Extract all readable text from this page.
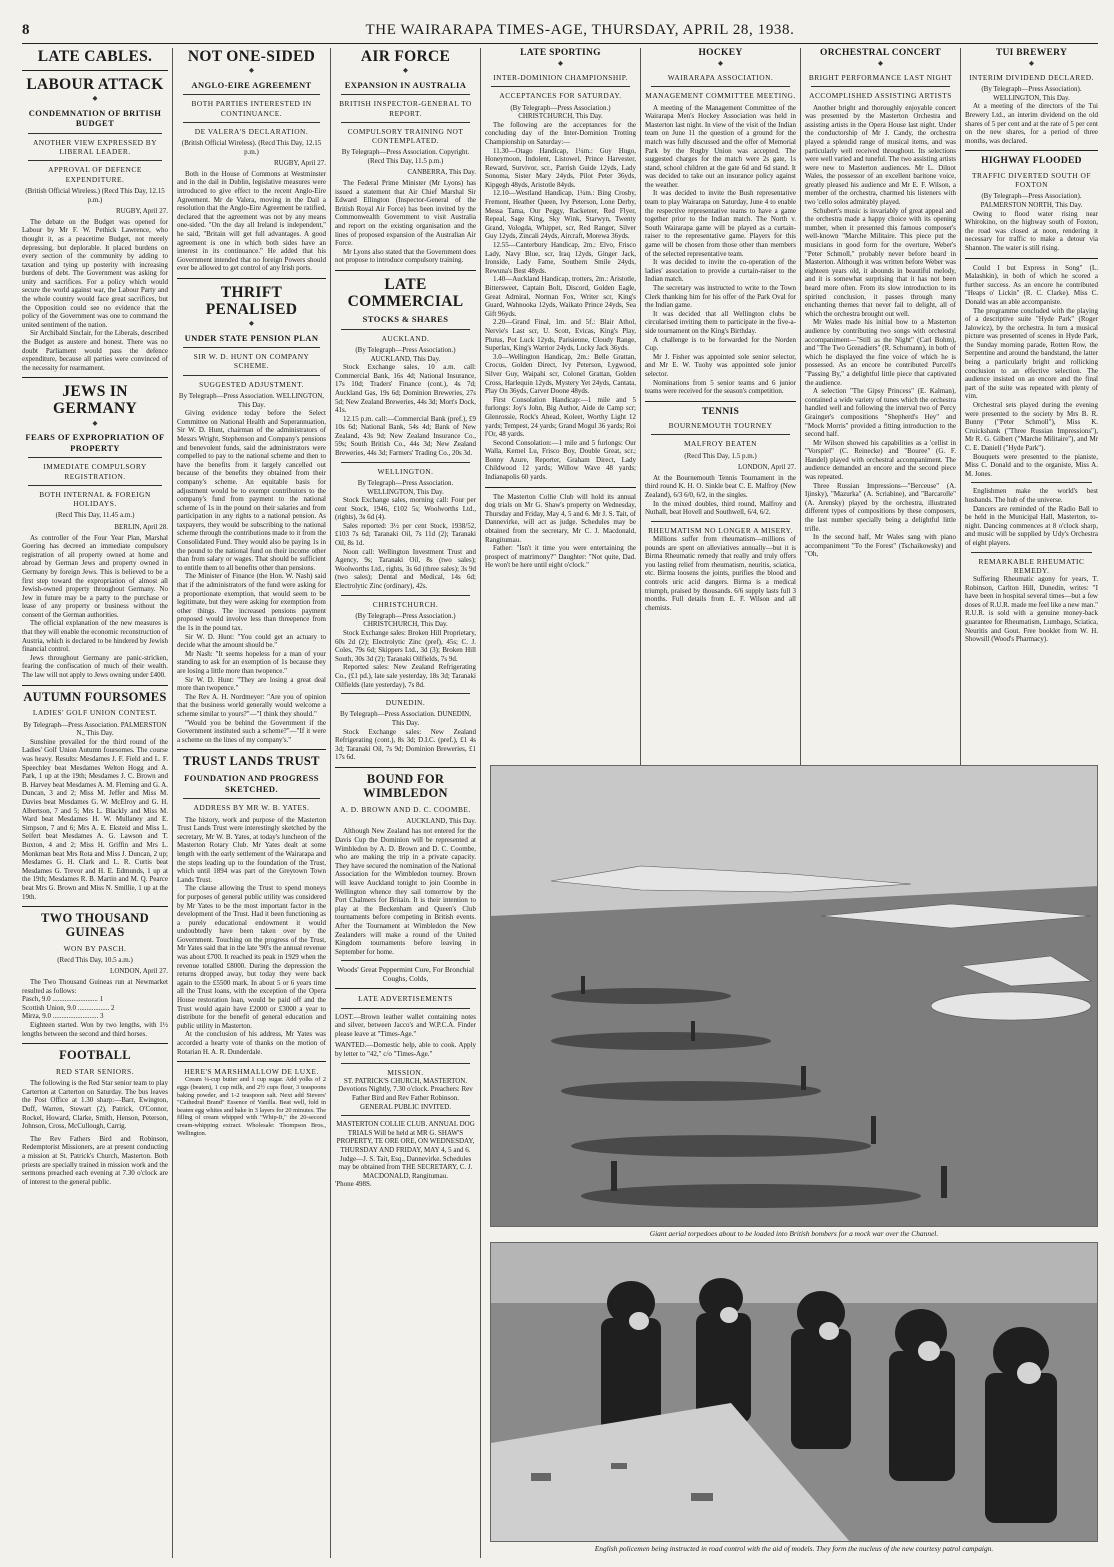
8	THE WAIRARAPA TIMES-AGE, THURSDAY, APRIL 28, 1938.
LATE CABLES.
LABOUR ATTACK
◆
CONDEMNATION OF BRITISH BUDGET
ANOTHER VIEW EXPRESSED BY LIBERAL LEADER.
APPROVAL OF DEFENCE EXPENDITURE.
(British Official Wireless.) (Recd This Day, 12.15 p.m.)
RUGBY, April 27.

The debate on the Budget was opened for Labour by Mr F. W. Pethick Lawrence, who thought it, as a peacetime Budget, not merely depressing, but deplorable. It placed burdens on every section of the community by adding to taxation and tying up posterity with increasing burdens of debt. The Government was asking for unity and sacrifices. For a policy which would secure the world against war, the Labour Party and the whole country would face great sacrifices, but the Opposition could see no evidence that the policy of the Government was one to command the united sentiment of the nation.

Sir Archibald Sinclair, for the Liberals, described the Budget as austere and honest. There was no doubt Parliament would pass the defence expenditure, because all parties were convinced of the necessity for rearmament.

JEWS IN GERMANY
◆
FEARS OF EXPROPRIATION OF PROPERTY
IMMEDIATE COMPULSORY REGISTRATION.
BOTH INTERNAL & FOREIGN HOLIDAYS.
(Recd This Day, 11.45 a.m.)
BERLIN, April 28.

As controller of the Four Year Plan, Marshal Goering has decreed an immediate compulsory registration of all property owned at home and abroad by German Jews and property owned in Germany by foreign Jews. This is believed to be a first step toward the expropriation of almost all Jewish-owned property throughout Germany. No Jew in future may be a party to the purchase or lease of any property or business without the consent of the German authorities.

The official explanation of the new measures is that they will enable the economic reconstruction of Austria, which is declared to be hindered by Jewish financial control.

Jews throughout Germany are panic-stricken, fearing the confiscation of much of their wealth. The law will not apply to Jews owning under £400.

AUTUMN FOURSOMES
LADIES' GOLF UNION CONTEST.
By Telegraph—Press Association. PALMERSTON N., This Day.

Sunshine prevailed for the third round of the Ladies' Golf Union Autumn foursomes. The course was heavy. Results: Mesdames J. F. Field and L. F. Speechley beat Mesdames Welton Hogg and A. Park, 1 up at the 19th; Mesdames J. C. Brown and B. Harvey beat Mesdames A. M. Fleming and G. A. Duncan, 3 and 2; Miss M. Jeffer and Miss M. Davies beat Mesdames G. W. McElroy and G. H. Albertson, 7 and 5; Mrs L. Blackly and Miss M. Ward beat Mesdames H. W. Mullaney and E. Simpson, 7 and 6; Mrs A. E. Eksteid and Miss L. Seifert beat Mesdames A. G. Lawson and T. Buxton, 4 and 2; Miss H. Griffin and Mrs L. Monkman beat Mrs Rota and Miss J. Duncan, 2 up; Mesdames G. H. Clark and L. R. Curtis beat Mesdames G. Trevor and H. E. Edmunds, 1 up at the 19th; Mesdames R. B. Martin and M. Q. Pearce beat Mrs G. Brown and Miss N. Smillie, 1 up at the 19th.

TWO THOUSAND GUINEAS
WON BY PASCH.
(Recd This Day, 10.5 a.m.)
LONDON, April 27.

The Two Thousand Guineas run at Newmarket resulted as follows:

Pasch, 9.0 .......................... 1
Scottish Union, 9.0 .................. 2
Mirza, 9.0 .......................... 3

Eighteen started. Won by two lengths, with 1½ lengths between the second and third horses.

FOOTBALL
RED STAR SENIORS.

The following is the Red Star senior team to play Carterton at Carterton on Saturday. The bus leaves the Post Office at 1.30 sharp:—Barr, Ewington, Duff, Warren, Stewart (2), Patrick, O'Connor, Rockel, Howard, Clarke, Smith, Henson, Peterson, Johnson, Cross, McCullough, Carrig.

The Rev Fathers Bird and Robinson, Redemptorist Missioners, are at present conducting a mission at St. Patrick's Church, Masterton. Both priests are specially trained in mission work and the sermons preached each evening at 7.30 o'clock are of interest to the general public.

NOT ONE-SIDED
◆
ANGLO-EIRE AGREEMENT
BOTH PARTIES INTERESTED IN CONTINUANCE.
DE VALERA'S DECLARATION.
(British Official Wireless). (Recd This Day, 12.15 p.m.)
RUGBY, April 27.

Both in the House of Commons at Westminster and in the dail in Dublin, legislative measures were introduced to give effect to the recent Anglo-Eire Agreement. Mr de Valera, moving in the Dail a resolution that the Anglo-Eire Agreement be ratified, declared that the agreement was not by any means one-sided. "On the day all Ireland is independent," he said, "Britain will get full advantages. A good agreement is one in which both sides have an interest in its continuance." He added that his Government intended that no foreign Powers should ever be allowed to get control of any Irish ports.

THRIFT PENALISED
◆
UNDER STATE PENSION PLAN
SIR W. D. HUNT ON COMPANY SCHEME.
SUGGESTED ADJUSTMENT.
By Telegraph—Press Association. WELLINGTON, This Day.

Giving evidence today before the Select Committee on National Health and Superannuation, Sir W. D. Hunt, chairman of the administrators of Messrs Wright, Stephenson and Company's pensions and benevolent funds, said the administrators were compelled to pay to the national scheme and then to have the benefits from it largely cancelled out because of the benefits they obtained from their company's scheme. An equitable basis for adjustment would be to exempt contributors to the company's fund from payment to the national scheme of 1s in the pound on their salaries and from participation in any rights to a national pension. As taxpayers, they would be subscribing to the national scheme through the contributions made to it from the Consolidated Fund. They would also be paying 1s in the pound to the national fund on their income other than from salary or wages. That should be sufficient to entitle them to all benefits other than pensions.

The Minister of Finance (the Hon. W. Nash) said that if the administrators of the fund were asking for a proportionate exemption, that would seem to be legitimate, but they were asking for exemption from other things. The increased pensions payment proposed would involve less than threepence from the 1s in the pound tax.

Sir W. D. Hunt: "You could get an actuary to decide what the amount should be."

Mr Nash: "It seems hopeless for a man of your standing to ask for an exemption of 1s because they are losing a little more than twopence."

Sir W. D. Hunt: "They are losing a great deal more than twopence."

The Rev A. H. Nordmeyer: "Are you of opinion that the business world generally would welcome a scheme similar to yours?"—"I think they should."

"Would you be behind the Government if the Government instituted such a scheme?"—"If it were a scheme on the lines of my company's."

TRUST LANDS TRUST
FOUNDATION AND PROGRESS SKETCHED.
ADDRESS BY MR W. B. YATES.

The history, work and purpose of the Masterton Trust Lands Trust were interestingly sketched by the secretary, Mr W. B. Yates, at today's luncheon of the Masterton Rotary Club. Mr Yates dealt at some length with the early settlement of the Wairarapa and the steps leading up to the foundation of the Trust, which until 1894 was part of the Greytown Town Lands Trust.

The clause allowing the Trust to spend moneys for purposes of general public utility was considered by Mr Yates to be the most important factor in the development of the Trust. Had it been functioning as a purely educational endowment it would undoubtedly have been taken over by the Government. Touching on the progress of the Trust, Mr Yates said that in the late '90's the annual revenue was about £700. It reached its peak in 1929 when the revenue totalled £8000. During the depression the returns dropped away, but today they were back again to the £5500 mark. In about 5 or 6 years time all the Trust loans, with the exception of the Opera House restoration loan, would be paid off and the Trust would again have £2000 or £3000 a year to distribute for the benefit of general education and public utility in Masterton.

At the conclusion of his address, Mr Yates was accorded a hearty vote of thanks on the motion of Rotarian H. A. R. Dunderdale.

HERE'S MARSHMALLOW DE LUXE.

Cream ¼-cup butter and 1 cup sugar. Add yolks of 2 eggs (beaten), 1 cup milk, and 2½ cups flour, 3 teaspoons baking powder, and 1-2 teaspoon salt. Next add Sievers' "Cathedral Brand" Essence of Vanilla. Beat well, fold in beaten egg whites and bake in 3 layers for 20 minutes. The filling of cream whipped with "Whip-It," the 20-second cream-whipping extract. Wholesale: Thompson Bros., Wellington.

AIR FORCE
◆
EXPANSION IN AUSTRALIA
BRITISH INSPECTOR-GENERAL TO REPORT.
COMPULSORY TRAINING NOT CONTEMPLATED.
By Telegraph—Press Association. Copyright. (Recd This Day, 11.5 p.m.)
CANBERRA, This Day.

The Federal Prime Minister (Mr Lyons) has issued a statement that Air Chief Marshal Sir Edward Ellington (Inspector-General of the British Royal Air Force) has been invited by the Commonwealth Government to visit Australia and report on the existing organisation and the lines of proposed expansion of the Australian Air Force.

Mr Lyons also stated that the Government does not propose to introduce compulsory training.

LATE COMMERCIAL
STOCKS & SHARES
AUCKLAND.
(By Telegraph—Press Association.) AUCKLAND, This Day.

Stock Exchange sales, 10 a.m. call: Commercial Bank, 16s 4d; National Insurance, 17s 10d; Traders' Finance (cont.), 4s 7d; Auckland Gas, 19s 6d; Dominion Breweries, 27s 5d; New Zealand Breweries, 44s 3d; Mort's Dock, 41s.

12.15 p.m. call:—Commercial Bank (pref.), £9 10s 6d; National Bank, 54s 4d; Bank of New Zealand, 43s 9d; New Zealand Insurance Co., 59s; South British Co., 44s 3d; New Zealand Breweries, 44s 3d; Farmers' Trading Co., 20s 3d.

WELLINGTON.
By Telegraph—Press Association. WELLINGTON, This Day.

Stock Exchange sales, morning call: Four per cent Stock, 1946, £102 5s; Woolworths Ltd., (rights), 3s 6d (4).

Sales reported: 3½ per cent Stock, 1938/52, £103 7s 6d; Taranaki Oil, 7s 11d (2); Taranaki Oil, 8s 1d.

Noon call: Wellington Investment Trust and Agency, 9s; Taranaki Oil, 8s (two sales); Woolworths Ltd., rights, 3s 6d (three sales); 3s 9d (two sales); Dental and Medical, 14s 6d; Electrolytic Zinc (ordinary), 42s.

CHRISTCHURCH.
(By Telegraph—Press Association.) CHRISTCHURCH, This Day.

Stock Exchange sales: Broken Hill Proprietary, 60s 2d (2); Electrolytic Zinc (pref), 45s; C. J. Coles, 79s 6d; Skippers Ltd., 3d (3); Broken Hill South, 30s 3d (2); Taranaki Oilfields, 7s 9d.

Reported sales: New Zealand Refrigerating Co., (£1 pd.), late sale yesterday, 18s 3d; Taranaki Oilfields (late yesterday), 7s 8d.

DUNEDIN.
By Telegraph—Press Association. DUNEDIN, This Day.

Stock Exchange sales: New Zealand Refrigerating (cont.), 8s 3d; D.I.C. (pref.), £1 4s 3d; Taranaki Oil, 7s 9d; Dominion Breweries, £1 17s 6d.

BOUND FOR WIMBLEDON
A. D. BROWN AND D. C. COOMBE.
AUCKLAND, This Day.

Although New Zealand has not entered for the Davis Cup the Dominion will be represented at Wimbledon by A. D. Brown and D. C. Coombe, who are making the trip in a private capacity. They have secured the nomination of the National Association for the Wimbledon tourney. Brown will leave Auckland tonight to join Coombe in Wellington whence they sail tomorrow by the Port Chalmers for Britain. It is their intention to play at the Beckenham and Queen's Club tournaments before competing in British events. After the Tournament at Wimbledon the New Zealanders will make a round of the United Kingdom tournaments before leaving in September for home.

Woods' Great Peppermint Cure, For Bronchial Coughs, Colds,

LATE ADVERTISEMENTS

LOST.—Brown leather wallet containing notes and silver, between Jacco's and W.P.C.A. Finder please leave at "Times-Age."

WANTED.—Domestic help, able to cook. Apply by letter to "42," c/o "Times-Age."

MISSION.

ST. PATRICK'S CHURCH, MASTERTON.

Devotions Nightly, 7.30 o'clock. Preachers: Rev Father Bird and Rev Father Robinson. GENERAL PUBLIC INVITED.

MASTERTON COLLIE CLUB. ANNUAL DOG TRIALS Will be held at MR G. SHAW'S PROPERTY, TE ORE ORE, ON WEDNESDAY, THURSDAY AND FRIDAY, MAY 4, 5 and 6. Judge—J. S. Tait, Esq., Dannevirke. Schedules may be obtained from THE SECRETARY, C. J. MACDONALD, Rangitumau.

'Phone 498S.

LATE SPORTING
◆
INTER-DOMINION CHAMPIONSHIP.
ACCEPTANCES FOR SATURDAY.
(By Telegraph—Press Association.) CHRISTCHURCH, This Day.

The following are the acceptances for the concluding day of the Inter-Dominion Trotting Championship on Saturday:—

11.30—Otago Handicap, 1¼m.: Guy Hugo, Honeymoon, Indolent, Listowel, Prince Harvester, Reward, Survivor, scr., Parrish Guide 12yds, Lady Sonoma, Sister Mary 24yds, Pilot Peter 36yds, Kipgegh 48yds, Aristotle 84yds.

12.10—Westland Handicap, 1¼m.: Bing Crosby, Fremont, Heather Queen, Ivy Peterson, Lone Derby, Messa Tama, Our Peggy, Racketeer, Red Flyer, Repeal, Sage King, Sky Wink, Starwyn, Twenty Grand, Vologda, Whippet, scr, Red Ranger, Silver Guy 12yds, Zincali 24yds, Aircraft, Morewa 36yds.

12.55—Canterbury Handicap, 2m.: Elvo, Frisco Lady, Navy Blue, scr, Iraq 12yds, Ginger Jack, Ironside, Lady Fame, Southern Smile 24yds, Rewuna's Best 48yds.

1.40—Auckland Handicap, trotters, 2m.: Aristotle, Bittersweet, Captain Bolt, Discord, Golden Eagle, Great Admiral, Norman Fox, Writer scr, King's Guard, Wahnooka 12yds, Waikato Prince 24yds, Sea Gift 96yds.

2.20—Grand Final, 1m. and 5f.: Blair Athol, Nervie's Last scr, U. Scott, Evicas, King's Play, Plutus, Pot Luck 12yds, Parisienne, Cloudy Range, Superlax, King's Warrior 24yds, Lucky Jack 36yds.

3.0—Wellington Handicap, 2m.: Belle Grattan, Crocus, Golden Direct, Ivy Peterson, Lygwood, Silver Guy, Waipahi scr, Colonel Grattan, Golden Cross, Harlequin 12yds, Mystery Yet 24yds, Cantata, Play On 36yds, Carver Doone 48yds.

First Consolation Handicap:—1 mile and 5 furlongs: Joy's John, Big Author, Aide de Camp scr; Glenrossie, Rock's Ahead, Koleet, Worthy Light 12 yards; Tempest, 24 yards; Grand Mogul 36 yards; Roi l'Or, 48 yards.

Second Consolation:—1 mile and 5 furlongs: Our Walla, Kernel Lu, Frisco Boy, Double Great, scr.; Bonny Azure, Reporter, Graham Direct, Lady Childwood 12 yards; Willow Wave 48 yards; Indianapolis 60 yards.

The Masterton Collie Club will hold its annual dog trials on Mr G. Shaw's property on Wednesday, Thursday and Friday, May 4, 5 and 6. Mr J. S. Tait, of Dannevirke, will act as judge. Schedules may be obtained from the secretary, Mr C. J. Macdonald, Rangitumau.

Father: "Isn't it time you were entertaining the prospect of matrimony?" Daughter: "Not quite, Dad. He won't be here until eight o'clock."

HOCKEY
◆
WAIRARAPA ASSOCIATION.
MANAGEMENT COMMITTEE MEETING.

A meeting of the Management Committee of the Wairarapa Men's Hockey Association was held in Masterton last night. In view of the visit of the Indian team on June 11 the question of a ground for the match was fully discussed and the offer of Memorial Park by the Rugby Union was accepted. The suggested charges for the match were 2s gate, 1s stand, school children at the gate 6d and 6d stand. It was decided to take out an insurance policy against the weather.

It was decided to invite the Bush representative team to play Wairarapa on Saturday, June 4 to enable the respective representative teams to have a game together prior to the Indian match. The North v. South Wairarapa game will be played as a curtain-raiser to the representative game. Players for this game will be chosen from those other than members of the selected representative team.

It was decided to invite the co-operation of the ladies' association to provide a curtain-raiser to the Indian match.

The secretary was instructed to write to the Town Clerk thanking him for his offer of the Park Oval for the Indian game.

It was decided that all Wellington clubs be circularised inviting them to participate in the five-a-side tournament on the King's Birthday.

A challenge is to be forwarded for the Norden Cup.

Mr J. Fisher was appointed sole senior selector, and Mr E. W. Tuohy was appointed sole junior selector.

Nominations from 5 senior teams and 6 junior teams were received for the season's competition.

TENNIS
BOURNEMOUTH TOURNEY
MALFROY BEATEN
(Recd This Day, 1.5 p.m.)
LONDON, April 27.

At the Bournemouth Tennis Tournament in the third round K. H. O. Sinkle beat C. E. Malfroy (New Zealand), 6/3 6/0, 6/2, in the singles.

In the mixed doubles, third round, Malfroy and Nuthall, beat Hovell and Southwell, 6/4, 6/2.

RHEUMATISM NO LONGER A MISERY.

Millions suffer from rheumatism—millions of pounds are spent on alleviatives annually—but it is Birma Rheumatic remedy that really and truly offers you lasting relief from rheumatism, neuritis, sciatica, etc. Birma loosens the joints, purifies the blood and controls uric acid dangers. Birma is a medical triumph, praised by thousands. 6/6 supply lasts full 3 months. Full details from E. F. Wilson and all chemists.

ORCHESTRAL CONCERT
◆
BRIGHT PERFORMANCE LAST NIGHT
ACCOMPLISHED ASSISTING ARTISTS

Another bright and thoroughly enjoyable concert was presented by the Masterton Orchestra and assisting artists in the Opera House last night. Under the conductorship of Mr J. Candy, the orchestra played a splendid range of musical items, and was particularly well received throughout. Its selections were well varied and tuneful. The two assisting artists were new to Masterton audiences. Mr L. Dilnot Wales, the possessor of an excellent baritone voice, greatly pleased his audience and Mr E. F. Wilson, a member of the orchestra, charmed his listeners with two 'cello solos admirably played.

Schubert's music is invariably of great appeal and the orchestra made a happy choice with its opening number, when it presented this famous composer's well-known "Marche Militaire. This piece put the musicians in good form for the overture, Weber's "Peter Schmoll," probably never before heard in Masterton. Although it was written before Weber was eighteen years old, it abounds in beautiful melody, and it is somewhat surprising that it has not been heard more often. From its slow introduction to its spirited conclusion, it passes through many enchanting themes that never fail to delight, all of which the orchestra brought out well.

Mr Wales made his initial bow to a Masterton audience by contributing two songs with orchestral accompaniment—"Still as the Night" (Carl Bohm), and "The Two Grenadiers" (R. Schumann), in both of which he displayed the fine voice of which he is possessed. As an encore he contributed Purcell's "Passing By," a delightful little piece that captivated the audience.

A selection "The Gipsy Princess" (E. Kalman), contained a wide variety of tunes which the orchestra handled well and following the interval two of Percy Grainger's compositions "Shepherd's Hey" and "Mock Morris" provided a fitting introduction to the second half.

Mr Wilson showed his capabilities as a 'cellist in "Vorspiel" (C. Reinecke) and "Bouree" (G. F. Handel) played with orchestral accompaniment. The audience demanded an encore and the second piece was repeated.

Three Russian Impressions—"Berceuse" (A. Ijinsky), "Mazurka" (A. Scriabine), and "Barcarolle" (A. Arensky) played by the orchestra, illustrated different types of compositions by these composers, the last number specially being a delightful little trifle.

In the second half, Mr Wales sang with piano accompaniment "To the Forest" (Tschaikowsky) and "Oh,

TUI BREWERY
◆
INTERIM DIVIDEND DECLARED.
(By Telegraph—Press Association). WELLINGTON, This Day.

At a meeting of the directors of the Tui Brewery Ltd., an interim dividend on the old shares of 5 per cent and at the rate of 5 per cent on the new shares, for a period of three months, was declared.

HIGHWAY FLOODED
TRAFFIC DIVERTED SOUTH OF FOXTON
(By Telegraph—Press Association). PALMERSTON NORTH, This Day.

Owing to flood water rising near Whirokino, on the highway south of Foxton, the road was closed at noon, rendering it necessary for traffic to make a detour via Shannon. The water is still rising.

Could I but Express in Song" (L. Malashkin), in both of which he scored a further success. As an encore he contributed "Heaps o' Lickin" (R. C. Clarke). Miss C. Donald was an able accompaniste.

The programme concluded with the playing of a descriptive suite "Hyde Park" (Roger Jalowicz), by the orchestra. In turn a musical picture was presented of scenes in Hyde Park, the Sunday morning parade, Rotten Row, the Serpentine and around the bandstand, the latter being a particularly bright and rollicking conclusion to an effective selection. The audience insisted on an encore and the final part of the suite was repeated with plenty of vim.

Orchestral sets played during the evening were presented to the society by Mrs B. R. Bunny ("Peter Schmoll"), Miss K. Cruickshank ("Three Russian Impressions"), Mr R. G. Gilbert ("Marche Militaire"), and Mr C. E. Daniell ("Hyde Park").

Bouquets were presented to the pianiste, Miss C. Donald and to the organiste, Miss A. M. Jones.

Englishmen make the world's best husbands. The hub of the universe.

Dancers are reminded of the Radio Ball to be held in the Municipal Hall, Masterton, to-night. Dancing commences at 8 o'clock sharp, and music will be supplied by Udy's Orchestra of eight players.

REMARKABLE RHEUMATIC REMEDY.

Suffering Rheumatic agony for years, T. Robinson, Carlton Hill, Dunedin, writes: "I have been in hospital several times—but a few doses of R.U.R. made me feel like a new man." R.U.R. is sold with a genuine money-back guarantee for Rheumatism, Lumbago, Sciatica, Neuritis and Gout. Free booklet from W. H. Showsill (Wood's Pharmacy).

Giant aerial torpedoes about to be loaded into British bombers for a mock war over the Channel.
English policemen being instructed in road control with the aid of models. They form the nucleus of the new courtesy patrol campaign.
